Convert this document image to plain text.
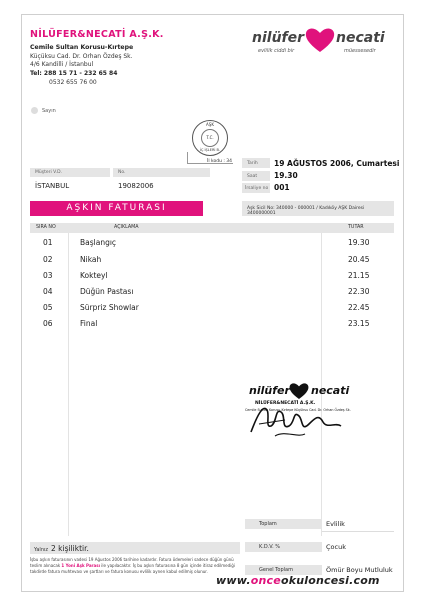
NİLÜFER&NECATİ A.Ş.K.
Cemile Sultan Korusu-Kırtepe
Küçüksu Cad. Dr. Orhan Özdeş Sk.
4/6 Kandilli / İstanbul
Tel: 288 15 71 - 232 65 84
0532 655 76 00
nilüfer necati
evlilik ciddi bir	müessesedir
Sayın
AŞK
T.C.
İÇ İŞLERİ B.
İl kodu : 34
Müşteri V.D.	No.
İSTANBUL	19082006
Tarih 19 AĞUSTOS 2006, Cumartesi
Saat 19.30
İrsaliye no 001
AŞKIN FATURASI	Aşk Sicil No: 340000 - 000001 / Kadıköy AŞK Dairesi 3400000001
SIRA NO	AÇIKLAMA	TUTAR
01	Başlangıç	19.30
02	Nikah	20.45
03	Kokteyl	21.15
04	Düğün Pastası	22.30
05	Sürpriz Showlar	22.45
06	Final	23.15
nilüfer necati
NİLÜFER&NECATİ A.Ş.K.
Cemile Sultan Korusu-Kırtepe Küçüksu Cad. Dr. Orhan Özdeş Sk.
Toplam	Evlilik
K.D.V. %	Çocuk
Genel Toplam	Ömür Boyu Mutluluk
Yalnız 2 kişiliktir.
İşbu aşkın faturasının vadesi 19 Ağustos 2006 tarihine kadardır. Fatura ödemeleri sadece düğün günü teslim alınacak 1 Yoni Aşk Parası ile yapılacaktır. İş bu aşkın faturasına 8 gün içinde itiraz edilmediği takdirde fatura muhtevası ve şartları ve fatura konusu evlilik aynen kabul edilmiş olunur.
www.onceokuloncesi.com
